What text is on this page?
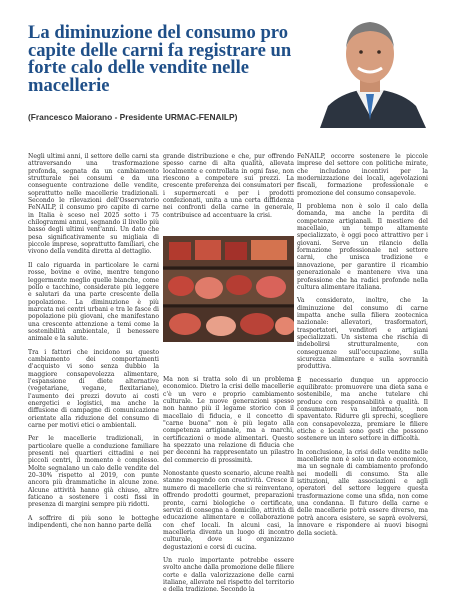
La diminuzione del consumo pro capite delle carni fa registrare un forte calo delle vendite nelle macellerie
(Francesco Maiorano - Presidente URMAC-FENAILP)

Negli ultimi anni, il settore delle carni sta attraversando una trasformazione profonda, segnata da un cambiamento strutturale nei consumi e da una conseguente contrazione delle vendite, soprattutto nelle macellerie tradizionali. Secondo le rilevazioni dell'Osservatorio FeNAILP, il consumo pro capite di carne in Italia è sceso nel 2025 sotto i 75 chilogrammi annui, segnando il livello più basso degli ultimi vent'anni. Un dato che pesa significativamente su migliaia di piccole imprese, soprattutto familiari, che vivono della vendita diretta al dettaglio.

Il calo riguarda in particolare le carni rosse, bovine e ovine, mentre tengono leggermente meglio quelle bianche, come pollo e tacchino, considerate più leggere e salutari da una parte crescente della popolazione. La diminuzione è più marcata nei centri urbani e tra le fasce di popolazione più giovani, che manifestano una crescente attenzione a temi come la sostenibilità ambientale, il benessere animale e la salute.

Tra i fattori che incidono su questo cambiamento dei comportamenti d'acquisto vi sono senza dubbio la maggiore consapevolezza alimentare, l'espansione di diete alternative (vegetariane, vegane, flexitariane), l'aumento dei prezzi dovuto ai costi energetici e logistici, ma anche la diffusione di campagne di comunicazione orientate alla riduzione del consumo di carne per motivi etici o ambientali.

Per le macellerie tradizionali, in particolare quelle a conduzione familiare presenti nei quartieri cittadini e nei piccoli centri, il momento è complesso. Molte segnalano un calo delle vendite del 20–30% rispetto al 2019, con punte ancora più drammatiche in alcune zone. Alcune attività hanno già chiuso, altre faticano a sostenere i costi fissi in presenza di margini sempre più ridotti.

A soffrire di più sono le botteghe indipendenti, che non hanno parte della

grande distribuzione e che, pur offrendo spesso carne di alta qualità, allevata localmente e controllata in ogni fase, non riescono a competere sui prezzi. La crescente preferenza dei consumatori per i supermercati e per i prodotti confezionati, unita a una certa diffidenza nei confronti della carne in generale, contribuisce ad accentuare la crisi.

Ma non si tratta solo di un problema economico. Dietro la crisi delle macellerie c'è un vero e proprio cambiamento culturale. Le nuove generazioni spesso non hanno più il legame storico con il macellaio di fiducia, e il concetto di "carne buona" non è più legato alla competenza artigianale, ma a marchi, certificazioni o mode alimentari. Questo ha spezzato una relazione di fiducia che per decenni ha rappresentato un pilastro del commercio di prossimità.

Nonostante questo scenario, alcune realtà stanno reagendo con creatività. Cresce il numero di macellerie che si reinventano, offrendo prodotti gourmet, preparazioni pronte, carni biologiche o certificate, servizi di consegna a domicilio, attività di educazione alimentare e collaborazione con chef locali. In alcuni casi, la macelleria diventa un luogo di incontro culturale, dove si organizzano degustazioni e corsi di cucina.

Un ruolo importante potrebbe essere svolto anche dalla promozione delle filiere corte e dalla valorizzazione delle carni italiane, allevate nel rispetto del territorio e della tradizione. Secondo la

FeNAILP, occorre sostenere le piccole imprese del settore con politiche mirate, che includano incentivi per la modernizzazione dei locali, agevolazioni fiscali, formazione professionale e promozione del consumo consapevole.

Il problema non è solo il calo della domanda, ma anche la perdita di competenze artigianali. Il mestiere del macellaio, un tempo altamente specializzato, è oggi poco attrattivo per i giovani. Serve un rilancio della formazione professionale nel settore carni, che unisca tradizione e innovazione, per garantire il ricambio generazionale e mantenere viva una professione che ha radici profonde nella cultura alimentare italiana.

Va considerato, inoltre, che la diminuzione del consumo di carne impatta anche sulla filiera zootecnica nazionale: allevatori, trasformatori, trasportatori, venditori e artigiani specializzati. Un sistema che rischia di indebolirsi strutturalmente, con conseguenze sull'occupazione, sulla sicurezza alimentare e sulla sovranità produttiva.

È necessario dunque un approccio equilibrato: promuovere una dieta sana e sostenibile, ma anche tutelare chi produce con responsabilità e qualità. Il consumatore va informato, non spaventato. Ridurre gli sprechi, scegliere con consapevolezza, premiare le filiere etiche e locali sono gesti che possono sostenere un intero settore in difficoltà.

In conclusione, la crisi delle vendite nelle macellerie non è solo un dato economico, ma un segnale di cambiamento profondo nei modelli di consumo. Sta alle istituzioni, alle associazioni e agli operatori del settore leggere questa trasformazione come una sfida, non come una condanna. Il futuro della carne e delle macellerie potrà essere diverso, ma potrà ancora esistere, se saprà evolversi, innovare e rispondere ai nuovi bisogni della società.
